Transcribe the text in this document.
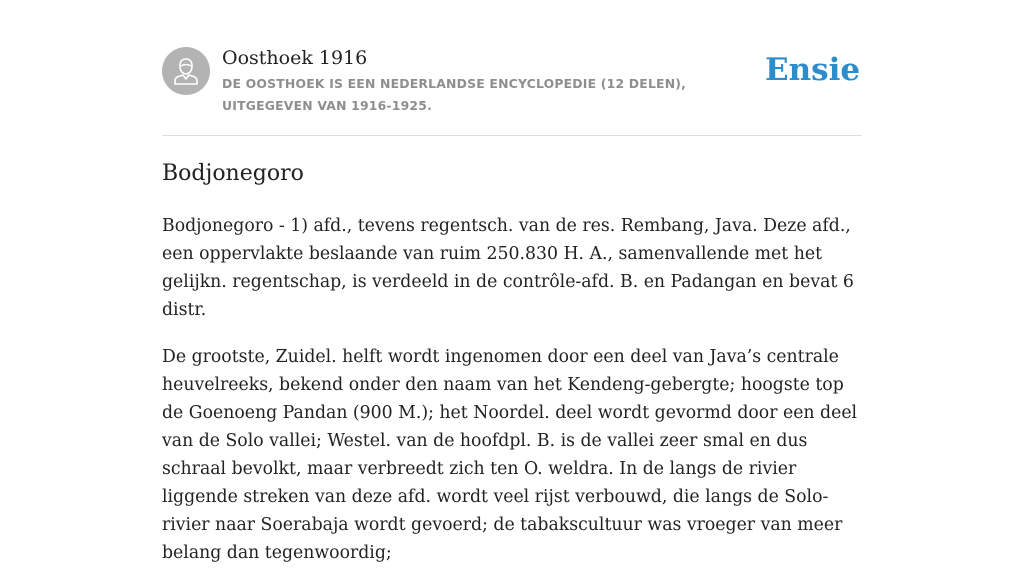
Oosthoek 1916
DE OOSTHOEK IS EEN NEDERLANDSE ENCYCLOPEDIE (12 DELEN), UITGEGEVEN VAN 1916-1925.
Ensie
Bodjonegoro

Bodjonegoro - 1) afd., tevens regentsch. van de res. Rembang, Java. Deze afd., een oppervlakte beslaande van ruim 250.830 H. A., samenvallende met het gelijkn. regentschap, is verdeeld in de contrôle-afd. B. en Padangan en bevat 6 distr.

De grootste, Zuidel. helft wordt ingenomen door een deel van Java’s centrale heuvelreeks, bekend onder den naam van het Kendeng-gebergte; hoogste top de Goenoeng Pandan (900 M.); het Noordel. deel wordt gevormd door een deel van de Solo vallei; Westel. van de hoofdpl. B. is de vallei zeer smal en dus schraal bevolkt, maar verbreedt zich ten O. weldra. In de langs de rivier liggende streken van deze afd. wordt veel rijst verbouwd, die langs de Solo-rivier naar Soerabaja wordt gevoerd; de tabakscultuur was vroeger van meer belang dan tegenwoordig;
